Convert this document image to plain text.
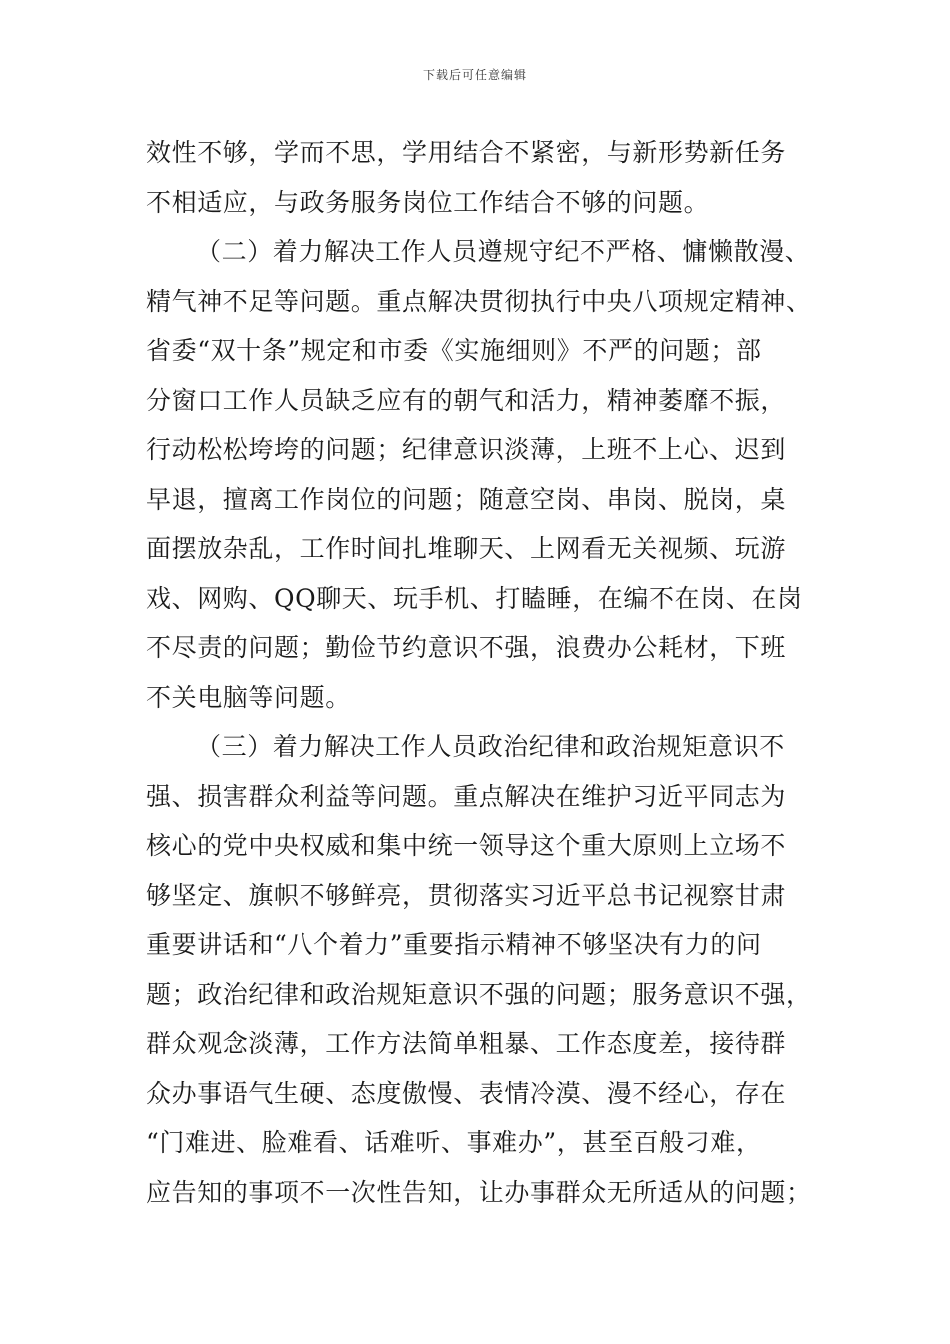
下载后可任意编辑
效性不够，学而不思，学用结合不紧密，与新形势新任务
不相适应，与政务服务岗位工作结合不够的问题。
（二）着力解决工作人员遵规守纪不严格、慵懒散漫、
精气神不足等问题。重点解决贯彻执行中央八项规定精神、
省委“双十条”规定和市委《实施细则》不严的问题；部
分窗口工作人员缺乏应有的朝气和活力，精神萎靡不振，
行动松松垮垮的问题；纪律意识淡薄，上班不上心、迟到
早退，擅离工作岗位的问题；随意空岗、串岗、脱岗，桌
面摆放杂乱，工作时间扎堆聊天、上网看无关视频、玩游
戏、网购、QQ聊天、玩手机、打瞌睡，在编不在岗、在岗
不尽责的问题；勤俭节约意识不强，浪费办公耗材，下班
不关电脑等问题。
（三）着力解决工作人员政治纪律和政治规矩意识不
强、损害群众利益等问题。重点解决在维护习近平同志为
核心的党中央权威和集中统一领导这个重大原则上立场不
够坚定、旗帜不够鲜亮，贯彻落实习近平总书记视察甘肃
重要讲话和“八个着力”重要指示精神不够坚决有力的问
题；政治纪律和政治规矩意识不强的问题；服务意识不强，
群众观念淡薄，工作方法简单粗暴、工作态度差，接待群
众办事语气生硬、态度傲慢、表情冷漠、漫不经心，存在
“门难进、脸难看、话难听、事难办”，甚至百般刁难，
应告知的事项不一次性告知，让办事群众无所适从的问题；
